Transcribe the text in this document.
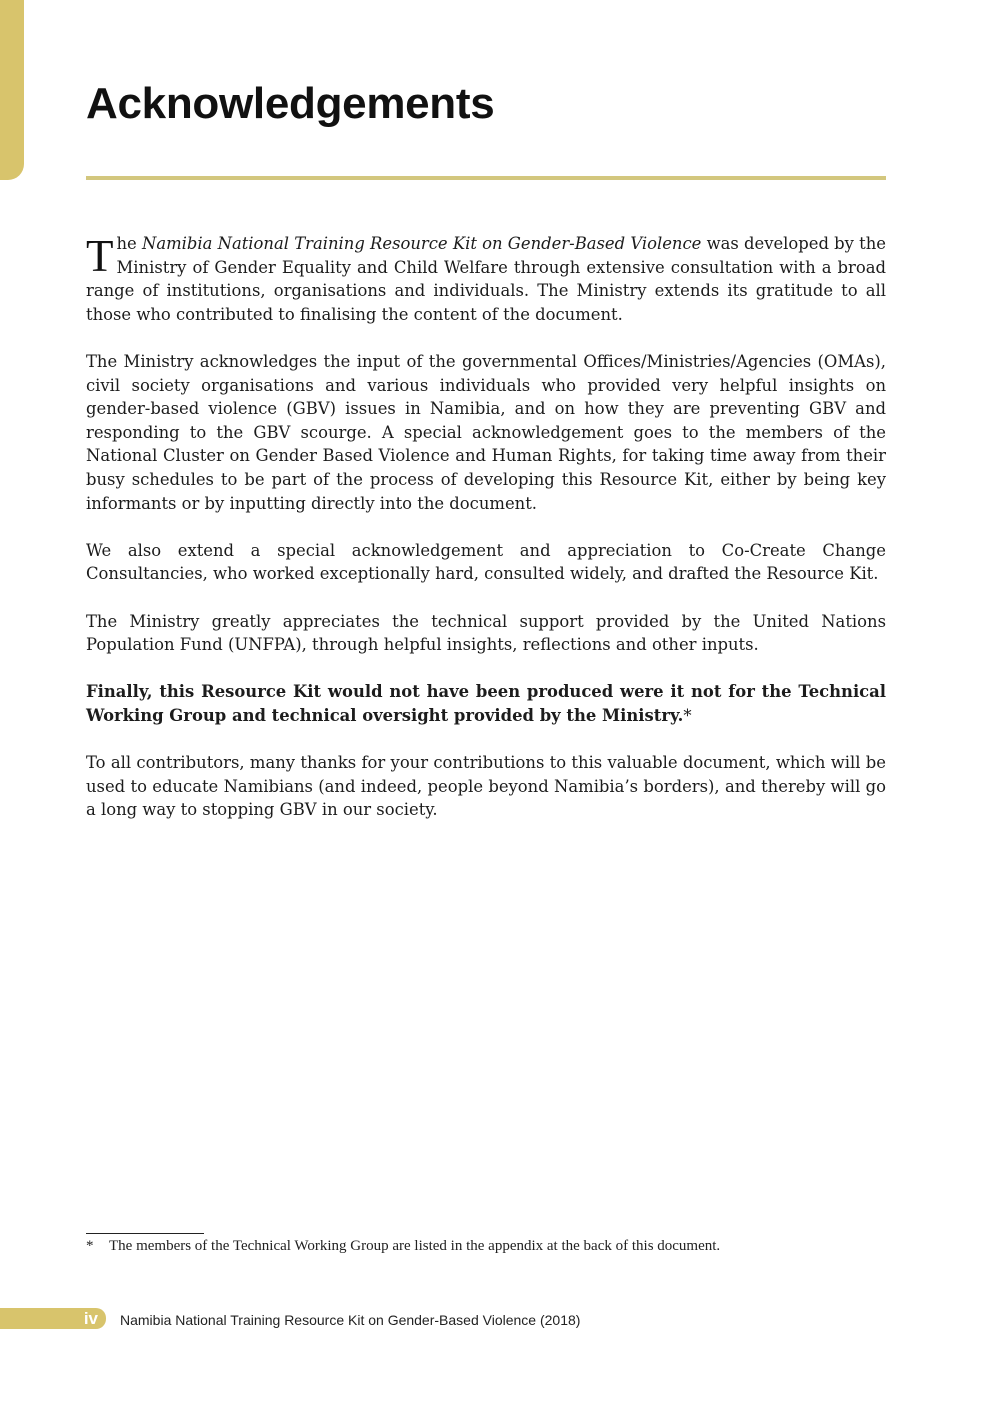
Acknowledgements

The Namibia National Training Resource Kit on Gender-Based Violence was developed by the Ministry of Gender Equality and Child Welfare through extensive consultation with a broad range of institutions, organisations and individuals. The Ministry extends its gratitude to all those who contributed to finalising the content of the document.

The Ministry acknowledges the input of the governmental Offices/Ministries/Agencies (OMAs), civil society organisations and various individuals who provided very helpful insights on gender-based violence (GBV) issues in Namibia, and on how they are preventing GBV and responding to the GBV scourge. A special acknowledgement goes to the members of the National Cluster on Gender Based Violence and Human Rights, for taking time away from their busy schedules to be part of the process of developing this Resource Kit, either by being key informants or by inputting directly into the document.

We also extend a special acknowledgement and appreciation to Co-Create Change Consultancies, who worked exceptionally hard, consulted widely, and drafted the Resource Kit.

The Ministry greatly appreciates the technical support provided by the United Nations Population Fund (UNFPA), through helpful insights, reflections and other inputs.

Finally, this Resource Kit would not have been produced were it not for the Technical Working Group and technical oversight provided by the Ministry.*

To all contributors, many thanks for your contributions to this valuable document, which will be used to educate Namibians (and indeed, people beyond Namibia’s borders), and thereby will go a long way to stopping GBV in our society.

* The members of the Technical Working Group are listed in the appendix at the back of this document.
iv Namibia National Training Resource Kit on Gender-Based Violence (2018)
